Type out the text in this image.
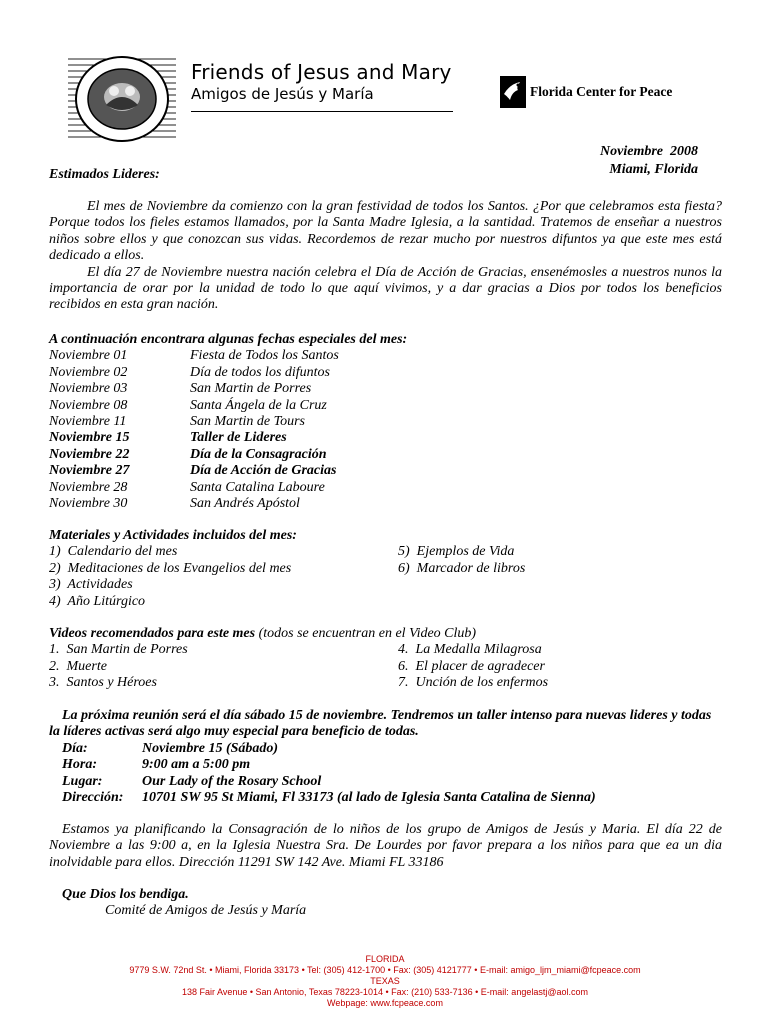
Friends of Jesus and Mary
Amigos de Jesús y María	Florida Center for Peace
Noviembre  2008
Miami, Florida
Estimados Lideres:

El mes de Noviembre da comienzo con la gran festividad de todos los Santos. ¿Por que celebramos esta fiesta? Porque todos los fieles estamos llamados, por la Santa Madre Iglesia, a la santidad. Tratemos de enseñar a nuestros niños sobre ellos y que conozcan sus vidas. Recordemos de rezar mucho por nuestros difuntos ya que este mes está dedicado a ellos.

El día 27 de Noviembre nuestra nación celebra el Día de Acción de Gracias, ensenémosles a nuestros nunos la importancia de orar por la unidad de todo lo que aquí vivimos, y a dar gracias a Dios por todos los beneficios recibidos en esta gran nación.

A continuación encontrara algunas fechas especiales del mes:
Noviembre 01	Fiesta de Todos los Santos
Noviembre 02	Día de todos los difuntos
Noviembre 03	San Martin de Porres
Noviembre 08	Santa Ángela de la Cruz
Noviembre 11	San Martin de Tours
Noviembre 15	Taller de Lideres
Noviembre 22	Día de la Consagración
Noviembre 27	Día de Acción de Gracias
Noviembre 28	Santa Catalina Laboure
Noviembre 30	San Andrés Apóstol
Materiales y Actividades incluidos del mes:
1)  Calendario del mes
2)  Meditaciones de los Evangelios del mes
3)  Actividades
4)  Año Litúrgico
5)  Ejemplos de Vida
6)  Marcador de libros
Videos recomendados para este mes (todos se encuentran en el Video Club)
1.  San Martin de Porres
2.  Muerte
3.  Santos y Héroes
4.  La Medalla Milagrosa
6.  El placer de agradecer
7.  Unción de los enfermos
La próxima reunión será el día sábado 15 de noviembre. Tendremos un taller intenso para nuevas lideres y todas la líderes activas será algo muy especial para beneficio de todas.
Día:	Noviembre 15 (Sábado)
Hora:	9:00 am a 5:00 pm
Lugar:	Our Lady of the Rosary School
Dirección:	10701 SW 95 St Miami, Fl 33173 (al lado de Iglesia Santa Catalina de Sienna)
Estamos ya planificando la Consagración de lo niños de los grupo de Amigos de Jesús y Maria. El día 22 de Noviembre a las 9:00 a, en la Iglesia Nuestra Sra. De Lourdes por favor prepara a los niños para que ea un dia inolvidable para ellos. Dirección 11291 SW 142 Ave. Miami FL 33186
Que Dios los bendiga.
Comité de Amigos de Jesús y María
FLORIDA
9779 S.W. 72nd St. • Miami, Florida 33173 • Tel: (305) 412-1700 • Fax: (305) 4121777 • E-mail: amigo_ljm_miami@fcpeace.com
TEXAS
138 Fair Avenue • San Antonio, Texas 78223-1014 • Fax: (210) 533-7136 • E-mail: angelastj@aol.com
Webpage: www.fcpeace.com
